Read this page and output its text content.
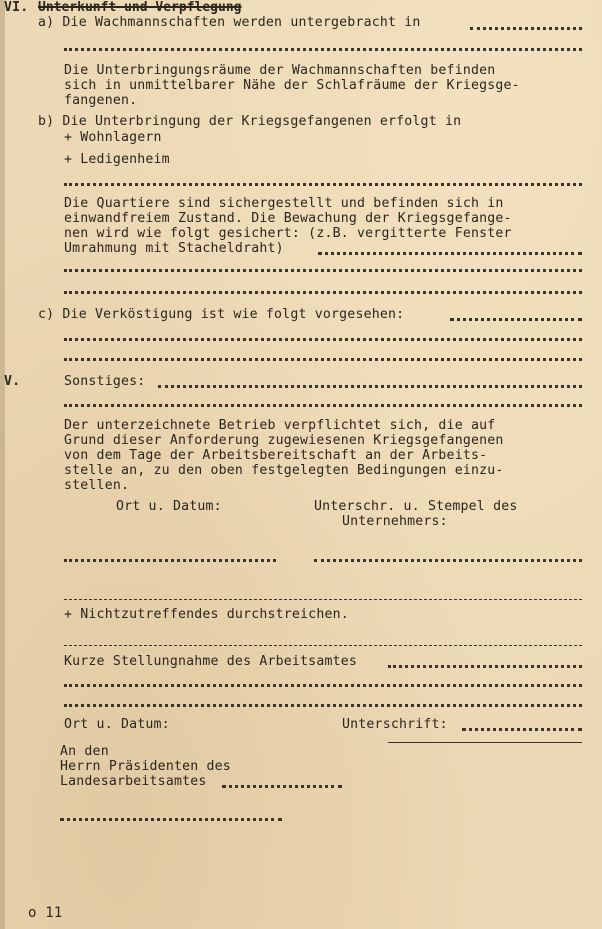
VI. Unterkunft und Verpflegung
a) Die Wachmannschaften werden untergebracht in
Die Unterbringungsräume der Wachmannschaften befinden
sich in unmittelbarer Nähe der Schlafräume der Kriegsge-
fangenen.
b) Die Unterbringung der Kriegsgefangenen erfolgt in
+ Wohnlagern
+ Ledigenheim
Die Quartiere sind sichergestellt und befinden sich in
einwandfreiem Zustand. Die Bewachung der Kriegsgefange-
nen wird wie folgt gesichert: (z.B. vergitterte Fenster
Umrahmung mit Stacheldraht)
c) Die Verköstigung ist wie folgt vorgesehen:
V.	Sonstiges:
Der unterzeichnete Betrieb verpflichtet sich, die auf
Grund dieser Anforderung zugewiesenen Kriegsgefangenen
von dem Tage der Arbeitsbereitschaft an der Arbeits-
stelle an, zu den oben festgelegten Bedingungen einzu-
stellen.
Ort u. Datum:	Unterschr. u. Stempel des
Unternehmers:
+ Nichtzutreffendes durchstreichen.
Kurze Stellungnahme des Arbeitsamtes
Ort u. Datum:	Unterschrift:
An den
Herrn Präsidenten des
Landesarbeitsamtes
o 11
